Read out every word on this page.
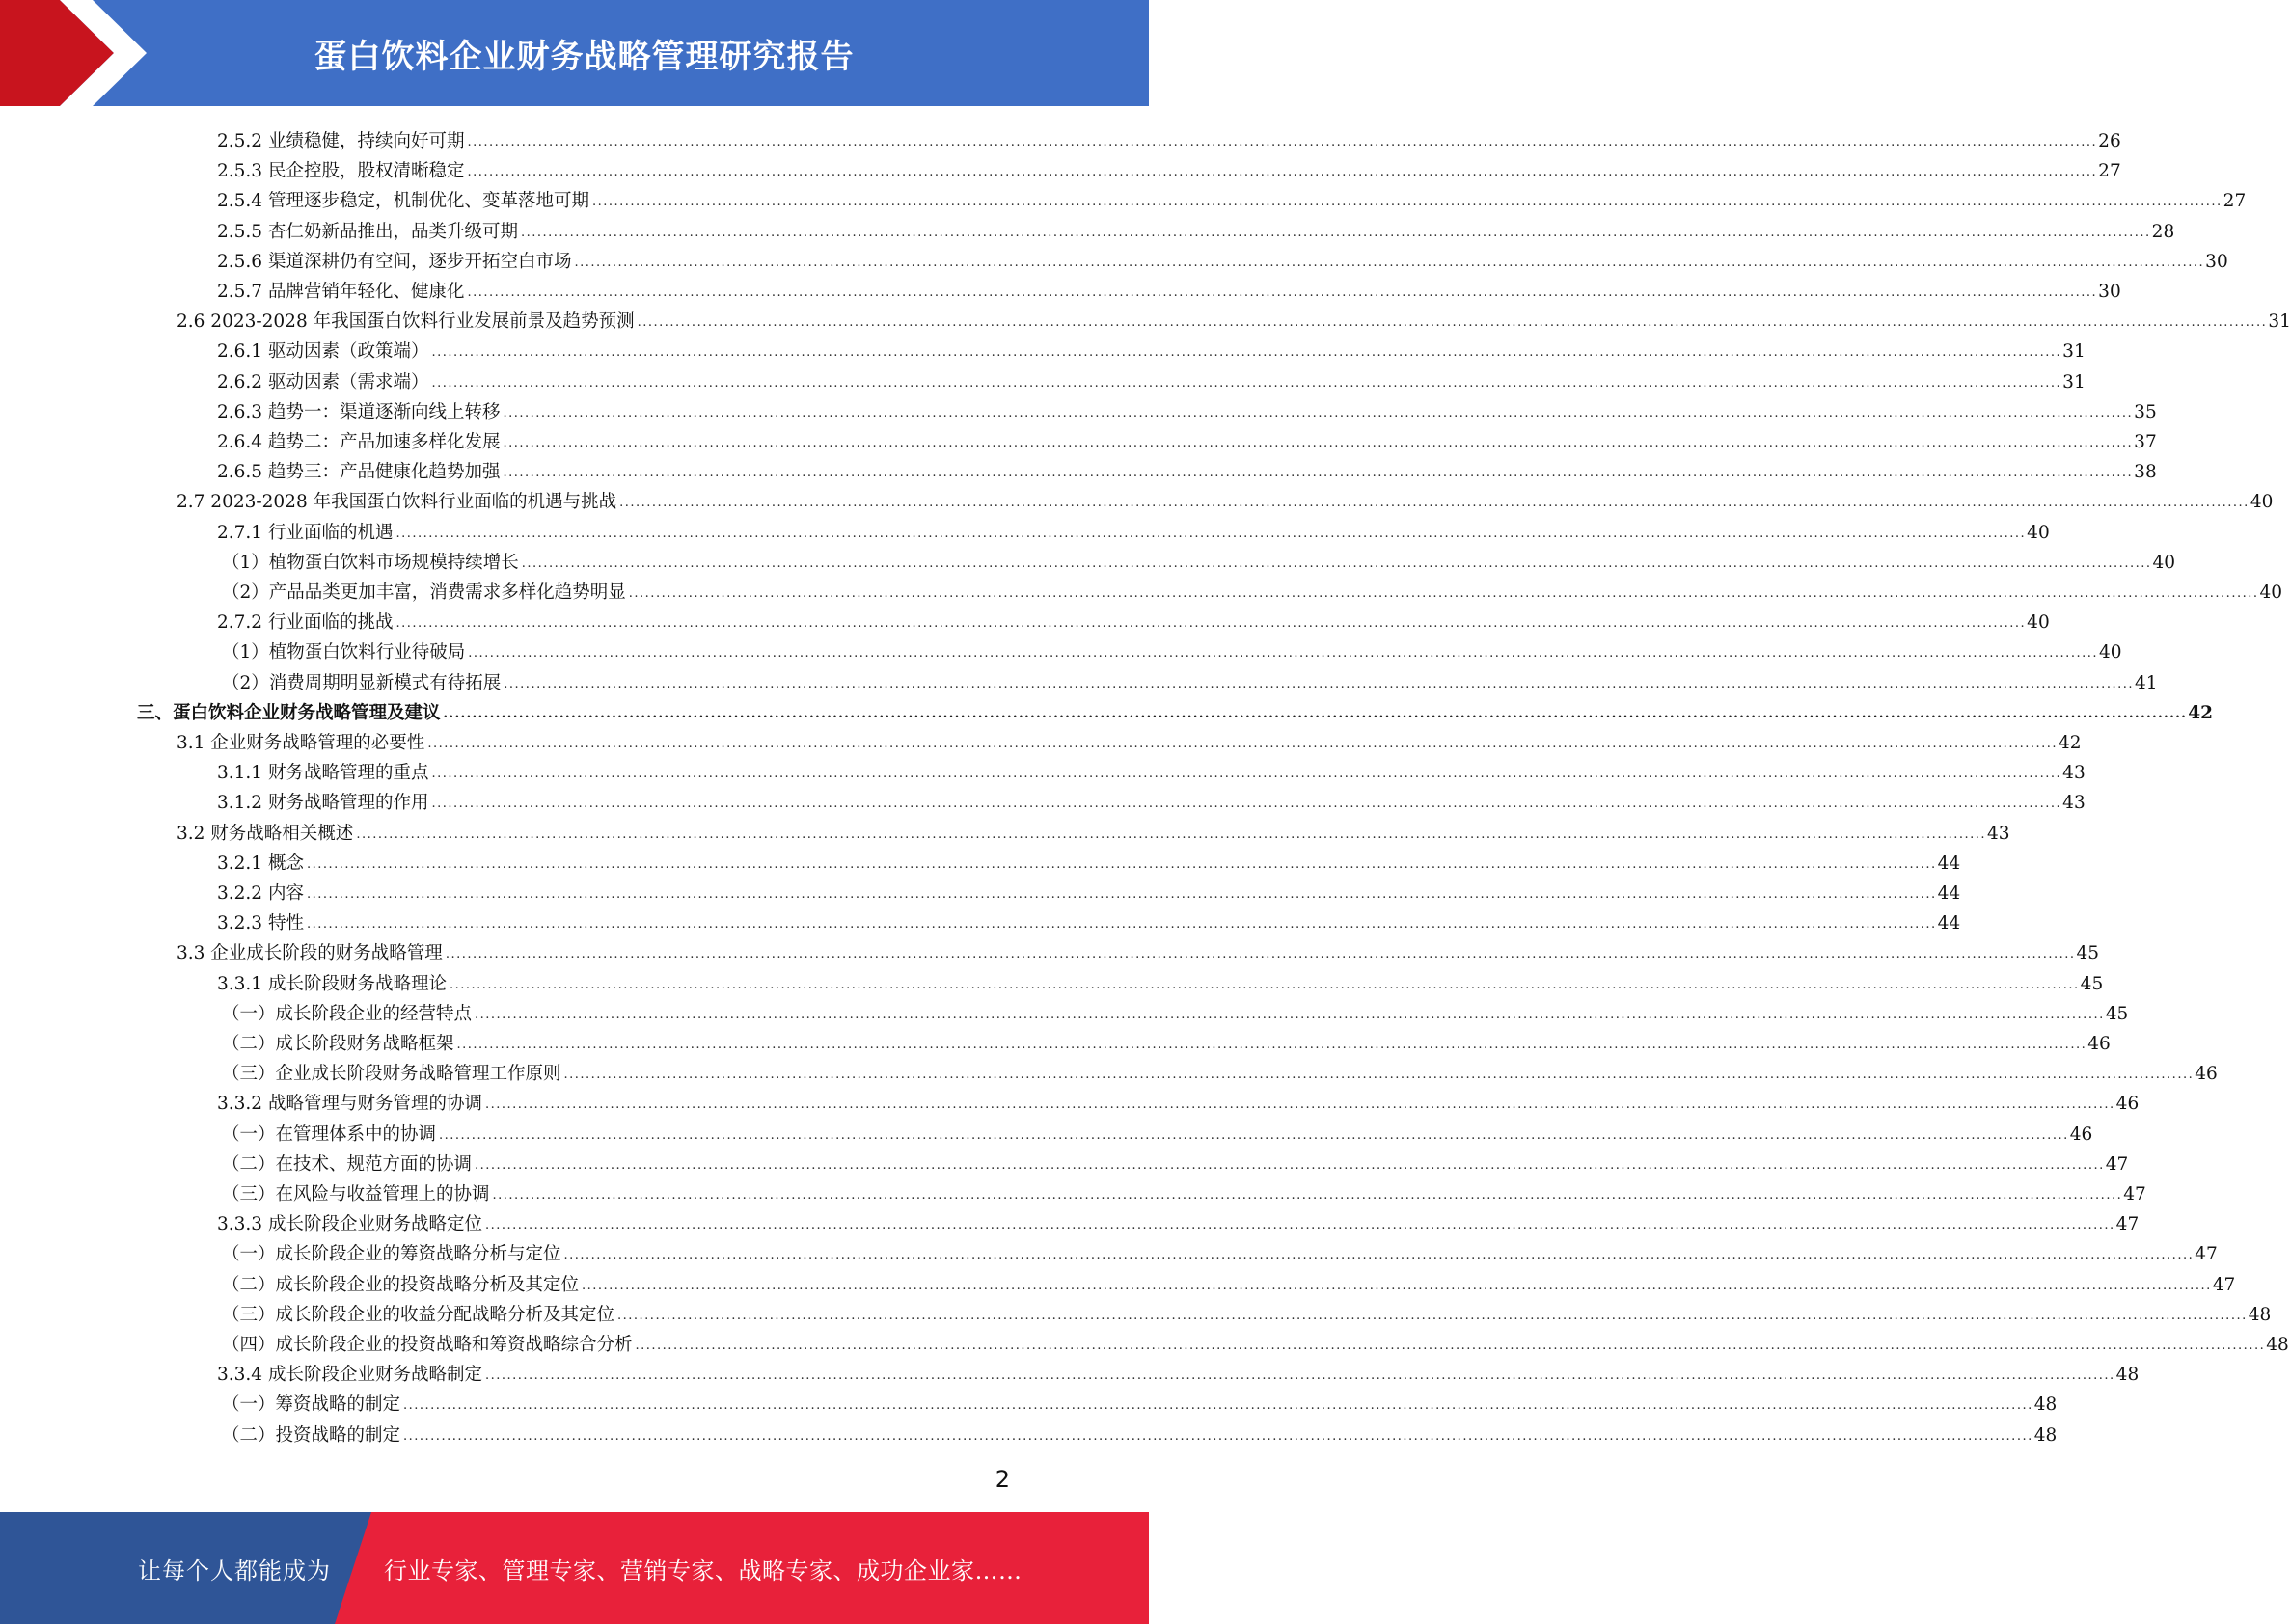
蛋白饮料企业财务战略管理研究报告
2.5.2 业绩稳健，持续向好可期 ............................................................................................................................................................................................................................................................................................................ 26
2.5.3 民企控股，股权清晰稳定 ............................................................................................................................................................................................................................................................................................................ 27
2.5.4 管理逐步稳定，机制优化、变革落地可期 ............................................................................................................................................................................................................................................................................................................ 27
2.5.5 杏仁奶新品推出，品类升级可期 ............................................................................................................................................................................................................................................................................................................ 28
2.5.6 渠道深耕仍有空间，逐步开拓空白市场 ............................................................................................................................................................................................................................................................................................................ 30
2.5.7 品牌营销年轻化、健康化 ............................................................................................................................................................................................................................................................................................................ 30
2.6 2023-2028 年我国蛋白饮料行业发展前景及趋势预测 ............................................................................................................................................................................................................................................................................................................ 31
2.6.1 驱动因素（政策端） ............................................................................................................................................................................................................................................................................................................ 31
2.6.2 驱动因素（需求端） ............................................................................................................................................................................................................................................................................................................ 31
2.6.3 趋势一：渠道逐渐向线上转移 ............................................................................................................................................................................................................................................................................................................ 35
2.6.4 趋势二：产品加速多样化发展 ............................................................................................................................................................................................................................................................................................................ 37
2.6.5 趋势三：产品健康化趋势加强 ............................................................................................................................................................................................................................................................................................................ 38
2.7 2023-2028 年我国蛋白饮料行业面临的机遇与挑战 ............................................................................................................................................................................................................................................................................................................ 40
2.7.1 行业面临的机遇 ............................................................................................................................................................................................................................................................................................................ 40
（1）植物蛋白饮料市场规模持续增长 ............................................................................................................................................................................................................................................................................................................ 40
（2）产品品类更加丰富，消费需求多样化趋势明显 ............................................................................................................................................................................................................................................................................................................ 40
2.7.2 行业面临的挑战 ............................................................................................................................................................................................................................................................................................................ 40
（1）植物蛋白饮料行业待破局 ............................................................................................................................................................................................................................................................................................................ 40
（2）消费周期明显新模式有待拓展 ............................................................................................................................................................................................................................................................................................................ 41
三、蛋白饮料企业财务战略管理及建议 ............................................................................................................................................................................................................................................................................................................ 42
3.1 企业财务战略管理的必要性 ............................................................................................................................................................................................................................................................................................................ 42
3.1.1 财务战略管理的重点 ............................................................................................................................................................................................................................................................................................................ 43
3.1.2 财务战略管理的作用 ............................................................................................................................................................................................................................................................................................................ 43
3.2 财务战略相关概述 ............................................................................................................................................................................................................................................................................................................ 43
3.2.1 概念 ............................................................................................................................................................................................................................................................................................................ 44
3.2.2 内容 ............................................................................................................................................................................................................................................................................................................ 44
3.2.3 特性 ............................................................................................................................................................................................................................................................................................................ 44
3.3 企业成长阶段的财务战略管理 ............................................................................................................................................................................................................................................................................................................ 45
3.3.1 成长阶段财务战略理论 ............................................................................................................................................................................................................................................................................................................ 45
（一）成长阶段企业的经营特点 ............................................................................................................................................................................................................................................................................................................ 45
（二）成长阶段财务战略框架 ............................................................................................................................................................................................................................................................................................................ 46
（三）企业成长阶段财务战略管理工作原则 ............................................................................................................................................................................................................................................................................................................ 46
3.3.2 战略管理与财务管理的协调 ............................................................................................................................................................................................................................................................................................................ 46
（一）在管理体系中的协调 ............................................................................................................................................................................................................................................................................................................ 46
（二）在技术、规范方面的协调 ............................................................................................................................................................................................................................................................................................................ 47
（三）在风险与收益管理上的协调 ............................................................................................................................................................................................................................................................................................................ 47
3.3.3 成长阶段企业财务战略定位 ............................................................................................................................................................................................................................................................................................................ 47
（一）成长阶段企业的筹资战略分析与定位 ............................................................................................................................................................................................................................................................................................................ 47
（二）成长阶段企业的投资战略分析及其定位 ............................................................................................................................................................................................................................................................................................................ 47
（三）成长阶段企业的收益分配战略分析及其定位 ............................................................................................................................................................................................................................................................................................................ 48
（四）成长阶段企业的投资战略和筹资战略综合分析 ............................................................................................................................................................................................................................................................................................................ 48
3.3.4 成长阶段企业财务战略制定 ............................................................................................................................................................................................................................................................................................................ 48
（一）筹资战略的制定 ............................................................................................................................................................................................................................................................................................................ 48
（二）投资战略的制定 ............................................................................................................................................................................................................................................................................................................ 48
2
让每个人都能成为 行业专家、管理专家、营销专家、战略专家、成功企业家……
